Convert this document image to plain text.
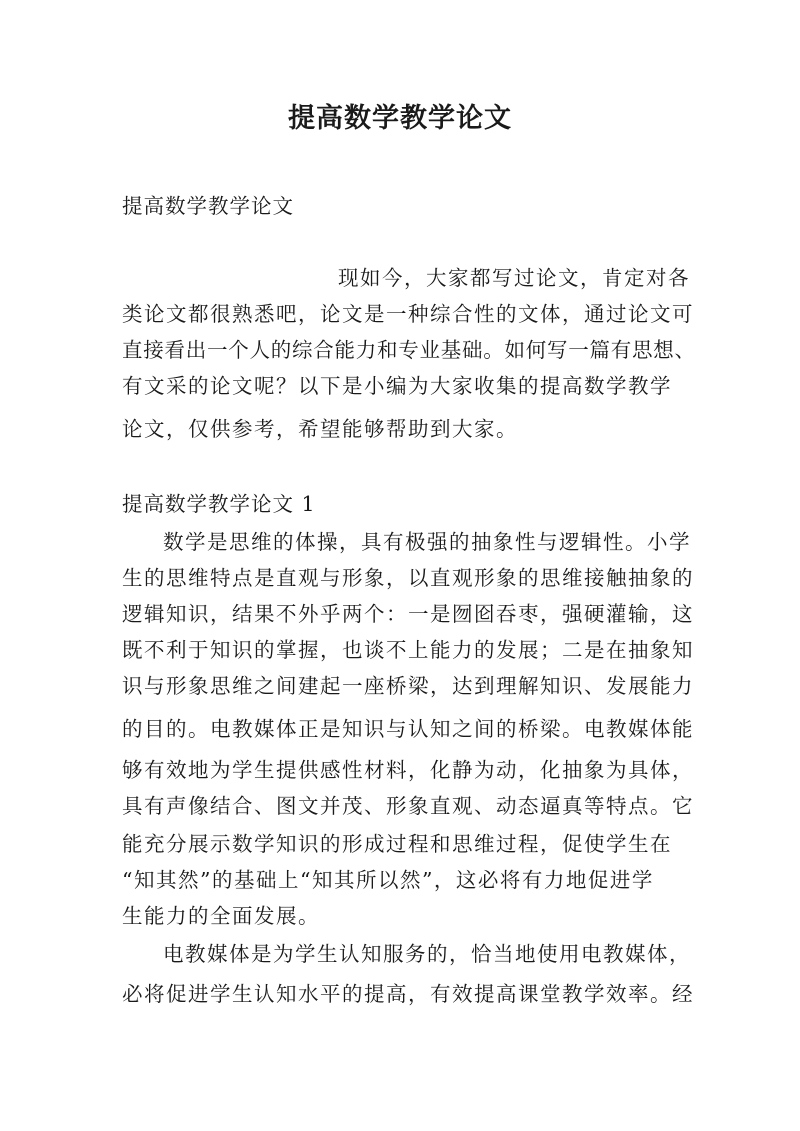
提高数学教学论文
提高数学教学论文
现如今，大家都写过论文，肯定对各
类论文都很熟悉吧，论文是一种综合性的文体，通过论文可
直接看出一个人的综合能力和专业基础。如何写一篇有思想、
有文采的论文呢？以下是小编为大家收集的提高数学教学
论文，仅供参考，希望能够帮助到大家。
提高数学教学论文 1
数学是思维的体操，具有极强的抽象性与逻辑性。小学
生的思维特点是直观与形象，以直观形象的思维接触抽象的
逻辑知识，结果不外乎两个：一是囫囵吞枣，强硬灌输，这
既不利于知识的掌握，也谈不上能力的发展；二是在抽象知
识与形象思维之间建起一座桥梁，达到理解知识、发展能力
的目的。电教媒体正是知识与认知之间的桥梁。电教媒体能
够有效地为学生提供感性材料，化静为动，化抽象为具体，
具有声像结合、图文并茂、形象直观、动态逼真等特点。它
能充分展示数学知识的形成过程和思维过程，促使学生在
“知其然”的基础上“知其所以然”，这必将有力地促进学
生能力的全面发展。
电教媒体是为学生认知服务的，恰当地使用电教媒体，
必将促进学生认知水平的提高，有效提高课堂教学效率。经
